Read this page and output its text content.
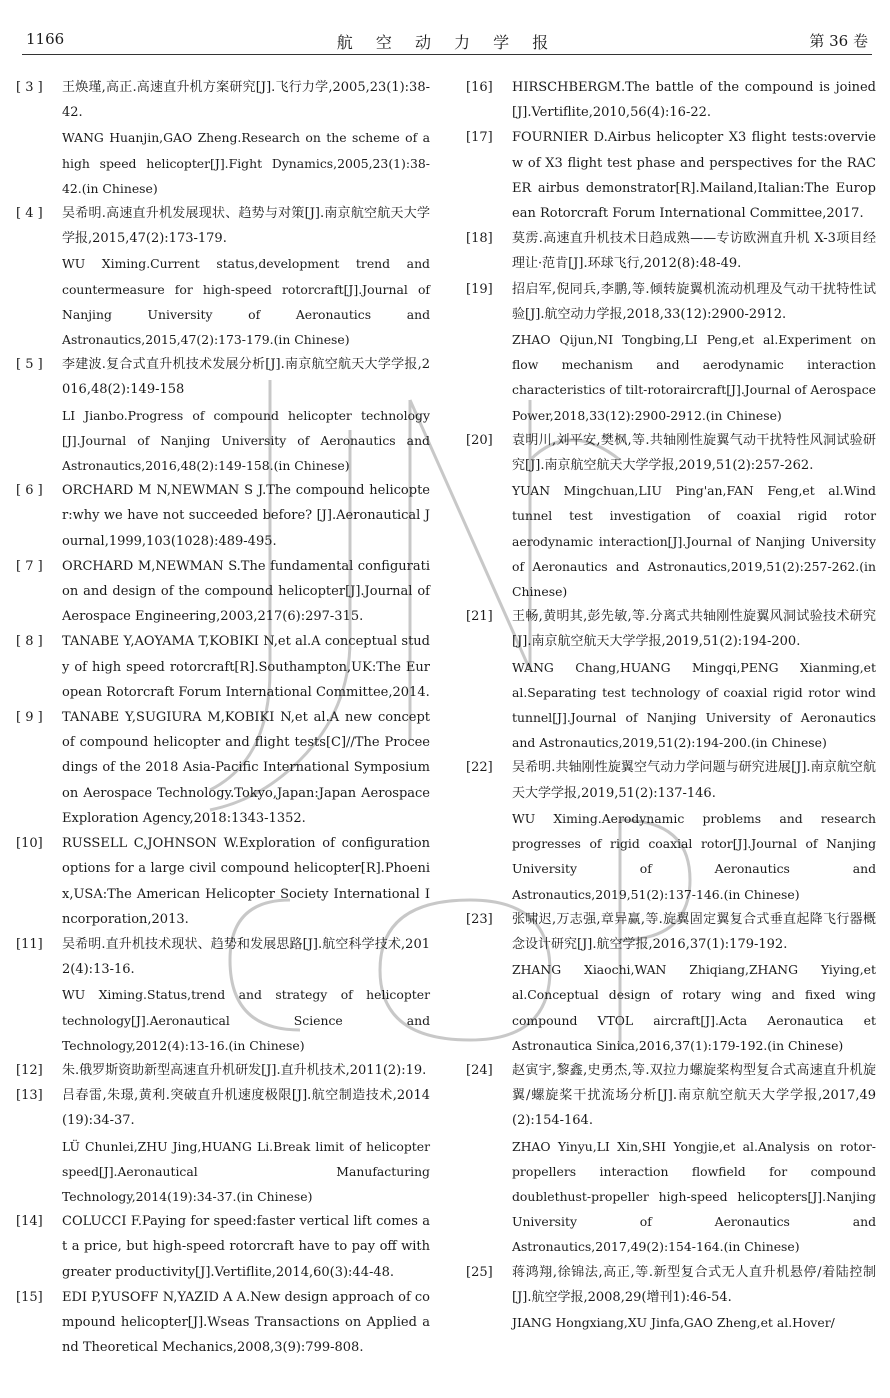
1166	航 空 动 力 学 报	第 36 卷
[ 3 ]	王焕瑾,高正.高速直升机方案研究[J].飞行力学,2005,23(1):38-42.
WANG Huanjin,GAO Zheng.Research on the scheme of a high speed helicopter[J].Fight Dynamics,2005,23(1):38-42.(in Chinese)
[ 4 ]	吴希明.高速直升机发展现状、趋势与对策[J].南京航空航天大学学报,2015,47(2):173-179.
WU Ximing.Current status,development trend and countermeasure for high-speed rotorcraft[J].Journal of Nanjing University of Aeronautics and Astronautics,2015,47(2):173-179.(in Chinese)
[ 5 ]	李建波.复合式直升机技术发展分析[J].南京航空航天大学学报,2016,48(2):149-158
LI Jianbo.Progress of compound helicopter technology [J].Journal of Nanjing University of Aeronautics and Astronautics,2016,48(2):149-158.(in Chinese)
[ 6 ]	ORCHARD M N,NEWMAN S J.The compound helicopter:why we have not succeeded before? [J].Aeronautical Journal,1999,103(1028):489-495.
[ 7 ]	ORCHARD M,NEWMAN S.The fundamental configuration and design of the compound helicopter[J].Journal of Aerospace Engineering,2003,217(6):297-315.
[ 8 ]	TANABE Y,AOYAMA T,KOBIKI N,et al.A conceptual study of high speed rotorcraft[R].Southampton,UK:The European Rotorcraft Forum International Committee,2014.
[ 9 ]	TANABE Y,SUGIURA M,KOBIKI N,et al.A new concept of compound helicopter and flight tests[C]//The Proceedings of the 2018 Asia-Pacific International Symposium on Aerospace Technology.Tokyo,Japan:Japan Aerospace Exploration Agency,2018:1343-1352.
[10]	RUSSELL C,JOHNSON W.Exploration of configuration options for a large civil compound helicopter[R].Phoenix,USA:The American Helicopter Society International Incorporation,2013.
[11]	吴希明.直升机技术现状、趋势和发展思路[J].航空科学技术,2012(4):13-16.
WU Ximing.Status,trend and strategy of helicopter technology[J].Aeronautical Science and Technology,2012(4):13-16.(in Chinese)
[12]	朱.俄罗斯资助新型高速直升机研发[J].直升机技术,2011(2):19.
[13]	吕春雷,朱璟,黄利.突破直升机速度极限[J].航空制造技术,2014(19):34-37.
LÜ Chunlei,ZHU Jing,HUANG Li.Break limit of helicopter speed[J].Aeronautical Manufacturing Technology,2014(19):34-37.(in Chinese)
[14]	COLUCCI F.Paying for speed:faster vertical lift comes at a price, but high-speed rotorcraft have to pay off with greater productivity[J].Vertiflite,2014,60(3):44-48.
[15]	EDI P,YUSOFF N,YAZID A A.New design approach of compound helicopter[J].Wseas Transactions on Applied and Theoretical Mechanics,2008,3(9):799-808.
[16]	HIRSCHBERGM.The battle of the compound is joined [J].Vertiflite,2010,56(4):16-22.
[17]	FOURNIER D.Airbus helicopter X3 flight tests:overview of X3 flight test phase and perspectives for the RACER airbus demonstrator[R].Mailand,Italian:The European Rotorcraft Forum International Committee,2017.
[18]	莫雳.高速直升机技术日趋成熟——专访欧洲直升机 X-3项目经理让·范肯[J].环球飞行,2012(8):48-49.
[19]	招启军,倪同兵,李鹏,等.倾转旋翼机流动机理及气动干扰特性试验[J].航空动力学报,2018,33(12):2900-2912.
ZHAO Qijun,NI Tongbing,LI Peng,et al.Experiment on flow mechanism and aerodynamic interaction characteristics of tilt-rotoraircraft[J].Journal of Aerospace Power,2018,33(12):2900-2912.(in Chinese)
[20]	袁明川,刘平安,樊枫,等.共轴刚性旋翼气动干扰特性风洞试验研究[J].南京航空航天大学学报,2019,51(2):257-262.
YUAN Mingchuan,LIU Ping'an,FAN Feng,et al.Wind tunnel test investigation of coaxial rigid rotor aerodynamic interaction[J].Journal of Nanjing University of Aeronautics and Astronautics,2019,51(2):257-262.(in Chinese)
[21]	王畅,黄明其,彭先敏,等.分离式共轴刚性旋翼风洞试验技术研究[J].南京航空航天大学学报,2019,51(2):194-200.
WANG Chang,HUANG Mingqi,PENG Xianming,et al.Separating test technology of coaxial rigid rotor wind tunnel[J].Journal of Nanjing University of Aeronautics and Astronautics,2019,51(2):194-200.(in Chinese)
[22]	吴希明.共轴刚性旋翼空气动力学问题与研究进展[J].南京航空航天大学学报,2019,51(2):137-146.
WU Ximing.Aerodynamic problems and research progresses of rigid coaxial rotor[J].Journal of Nanjing University of Aeronautics and Astronautics,2019,51(2):137-146.(in Chinese)
[23]	张啸迟,万志强,章异赢,等.旋翼固定翼复合式垂直起降飞行器概念设计研究[J].航空学报,2016,37(1):179-192.
ZHANG Xiaochi,WAN Zhiqiang,ZHANG Yiying,et al.Conceptual design of rotary wing and fixed wing compound VTOL aircraft[J].Acta Aeronautica et Astronautica Sinica,2016,37(1):179-192.(in Chinese)
[24]	赵寅宇,黎鑫,史勇杰,等.双拉力螺旋桨构型复合式高速直升机旋翼/螺旋桨干扰流场分析[J].南京航空航天大学学报,2017,49(2):154-164.
ZHAO Yinyu,LI Xin,SHI Yongjie,et al.Analysis on rotor-propellers interaction flowfield for compound doublethust-propeller high-speed helicopters[J].Nanjing University of Aeronautics and Astronautics,2017,49(2):154-164.(in Chinese)
[25]	蒋鸿翔,徐锦法,高正,等.新型复合式无人直升机悬停/着陆控制[J].航空学报,2008,29(增刊1):46-54.
JIANG Hongxiang,XU Jinfa,GAO Zheng,et al.Hover/
